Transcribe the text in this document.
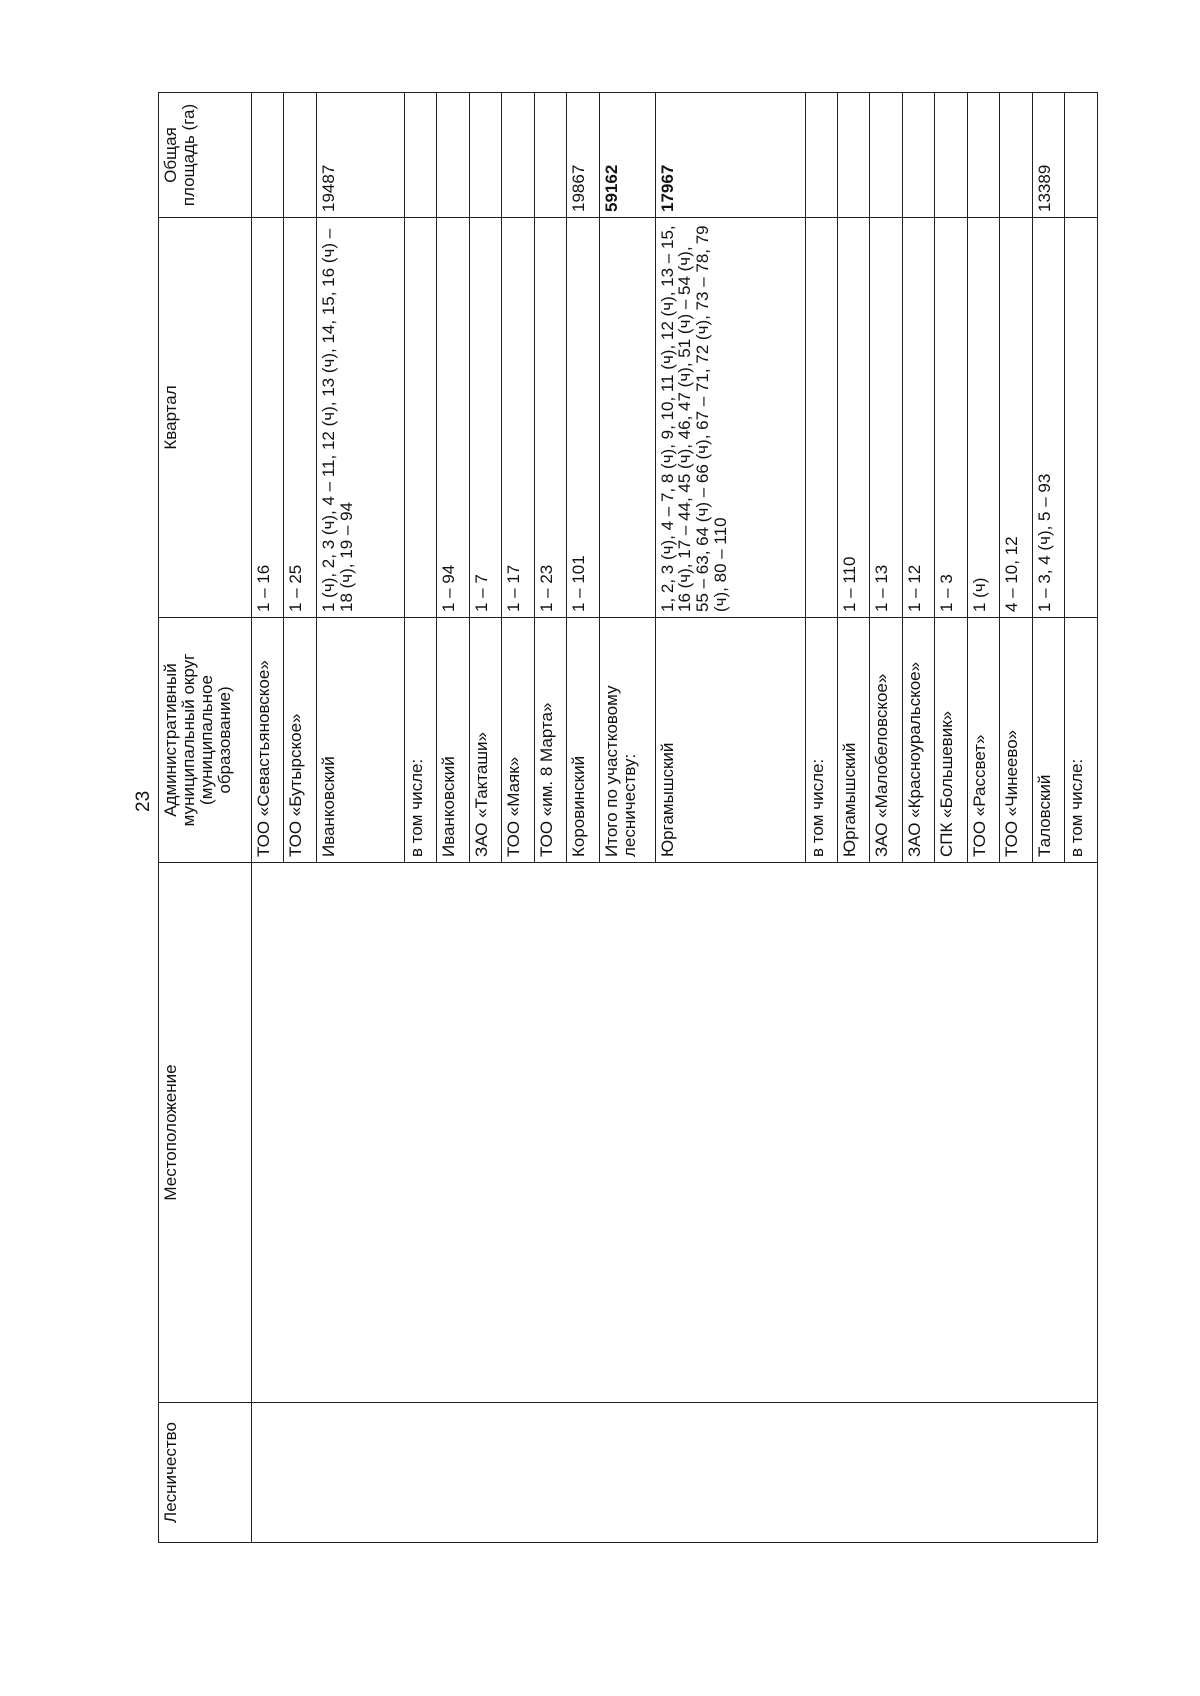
23
Лесничество	Местоположение	Административный муниципальный округ (муниципальное образование)	Квартал	Общая площадь (га)
		ТОО «Севастьяновское»	1 – 16	
		ТОО «Бутырское»	1 – 25	
		Иванковский	1 (ч), 2, 3 (ч), 4 – 11, 12 (ч), 13 (ч), 14, 15, 16 (ч) – 18 (ч), 19 – 94	19487
		в том числе:		
		Иванковский	1 – 94	
		ЗАО «Такташи»	1 – 7	
		ТОО «Маяк»	1 – 17	
		ТОО «им. 8 Марта»	1 – 23	
		Коровинский	1 – 101	19867
		Итого по участковому лесничеству:		59162
		Юргамышский	1, 2, 3 (ч), 4 – 7, 8 (ч), 9, 10, 11 (ч), 12 (ч), 13 – 15, 16 (ч), 17 – 44, 45 (ч), 46, 47 (ч), 51 (ч) – 54 (ч), 55 – 63, 64 (ч) – 66 (ч), 67 – 71, 72 (ч), 73 – 78, 79 (ч), 80 – 110	17967
		в том числе:		
		Юргамышский	1 – 110	
		ЗАО «Малобеловское»	1 – 13	
		ЗАО «Красноуральское»	1 – 12	
		СПК «Большевик»	1 – 3	
		ТОО «Рассвет»	1 (ч)	
		ТОО «Чинеево»	4 – 10, 12	
		Таловский	1 – 3, 4 (ч), 5 – 93	13389
		в том числе:		
